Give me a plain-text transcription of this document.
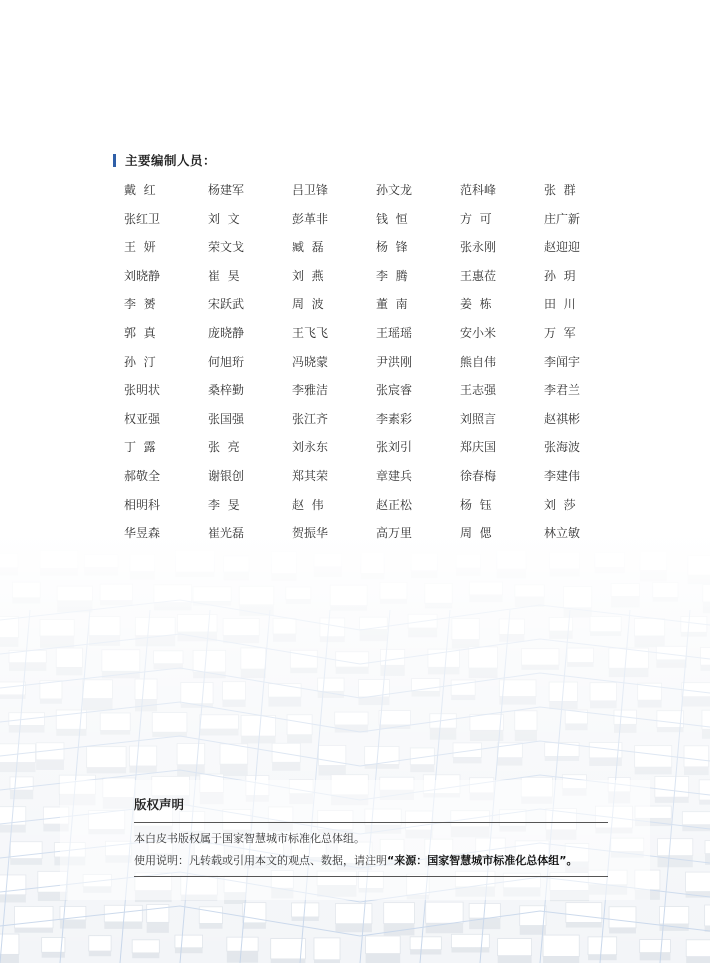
主要编制人员：
戴  红	杨建军	吕卫锋	孙文龙	范科峰	张  群
张红卫	刘  文	彭革非	钱  恒	方  可	庄广新
王  妍	荣文戈	臧  磊	杨  锋	张永刚	赵迎迎
刘晓静	崔  昊	刘  燕	李  腾	王惠莅	孙  玥
李  赟	宋跃武	周  波	董  南	姜  栋	田  川
郭  真	庞晓静	王飞飞	王瑶瑶	安小米	万  军
孙  汀	何旭珩	冯晓蒙	尹洪刚	熊自伟	李闻宇
张明状	桑梓勤	李雅洁	张宸睿	王志强	李君兰
权亚强	张国强	张江齐	李素彩	刘照言	赵祺彬
丁  露	张  亮	刘永东	张刘引	郑庆国	张海波
郝敬全	谢银创	郑其荣	章建兵	徐春梅	李建伟
相明科	李  旻	赵  伟	赵正松	杨  钰	刘  莎
华昱森	崔光磊	贺振华	高万里	周  偲	林立敏
版权声明
本白皮书版权属于国家智慧城市标准化总体组。
使用说明：凡转载或引用本文的观点、数据，请注明“来源：国家智慧城市标准化总体组”。
